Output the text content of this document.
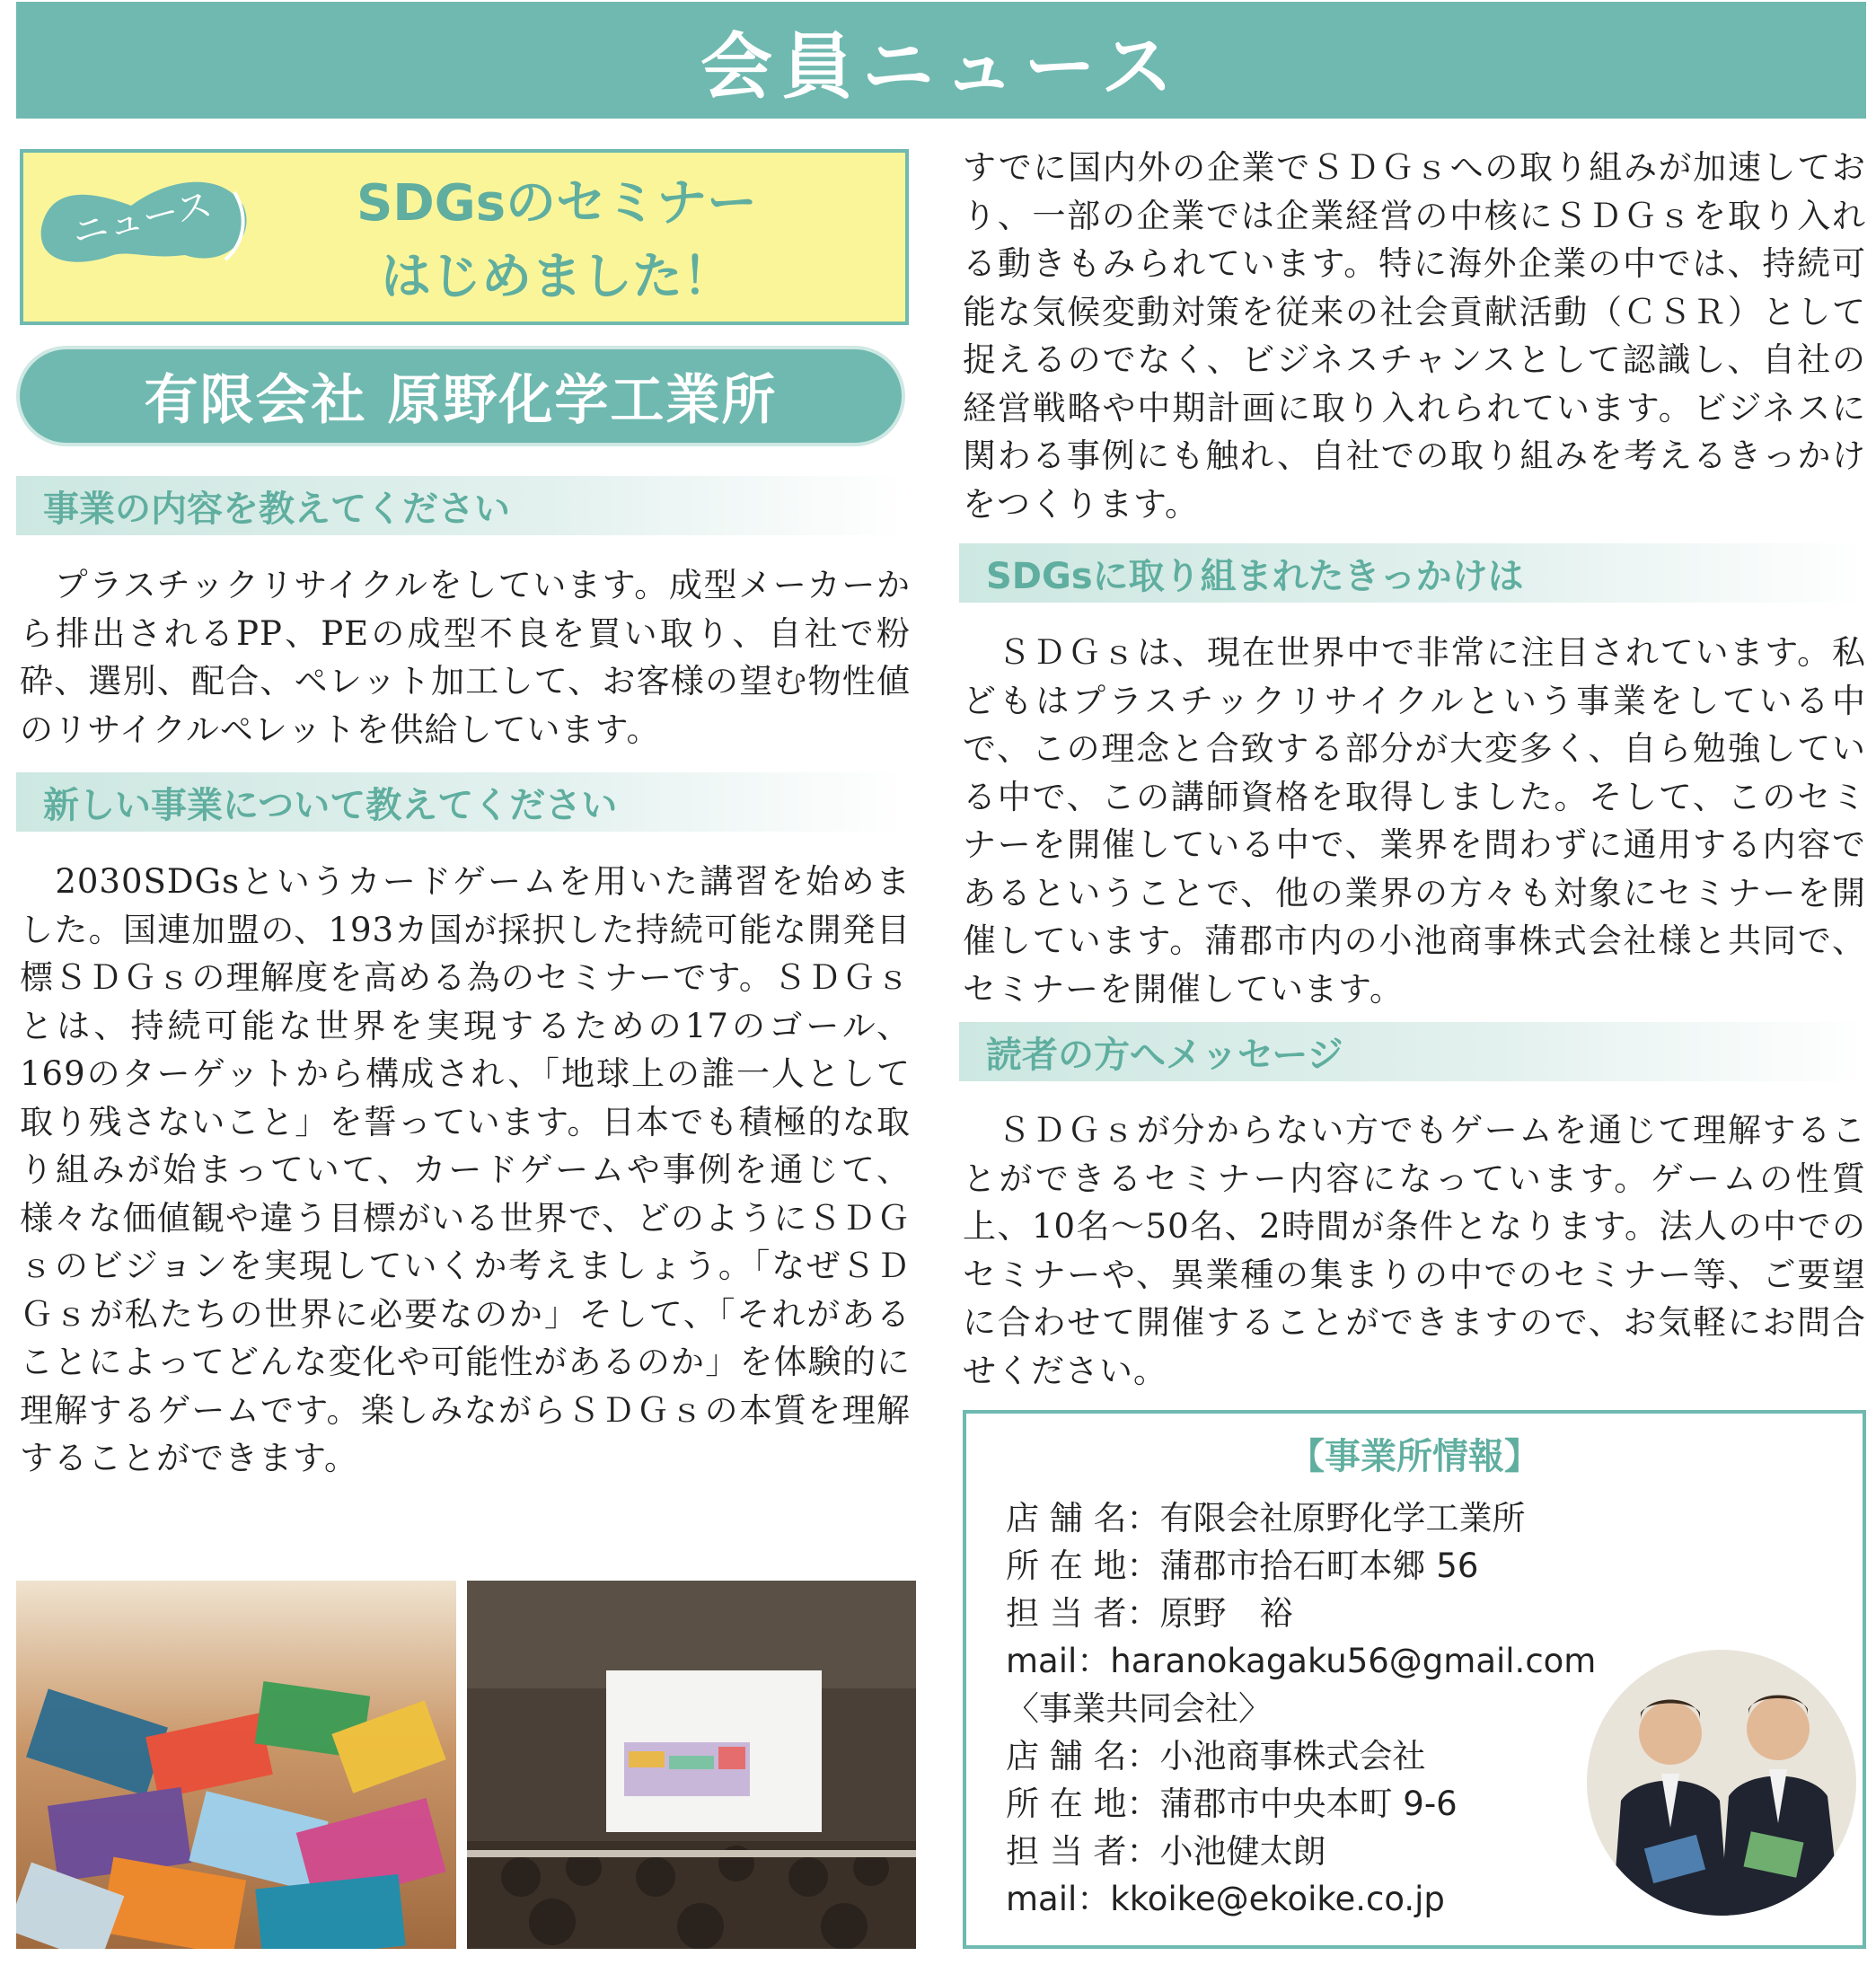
会員ニュース
ニュース	SDGsのセミナー
はじめました！
有限会社 原野化学工業所
事業の内容を教えてください

　プラスチックリサイクルをしています。成型メーカーから排出されるPP、PEの成型不良を買い取り、自社で粉砕、選別、配合、ペレット加工して、お客様の望む物性値のリサイクルペレットを供給しています。

新しい事業について教えてください

　2030SDGsというカードゲームを用いた講習を始めました。国連加盟の、193カ国が採択した持続可能な開発目標ＳＤＧｓの理解度を高める為のセミナーです。ＳＤＧｓとは、持続可能な世界を実現するための17のゴール、169のターゲットから構成され、「地球上の誰一人として取り残さないこと」を誓っています。日本でも積極的な取り組みが始まっていて、カードゲームや事例を通じて、様々な価値観や違う目標がいる世界で、どのようにＳＤＧｓのビジョンを実現していくか考えましょう。「なぜＳＤＧｓが私たちの世界に必要なのか」そして、「それがあることによってどんな変化や可能性があるのか」を体験的に理解するゲームです。楽しみながらＳＤＧｓの本質を理解することができます。

すでに国内外の企業でＳＤＧｓへの取り組みが加速しており、一部の企業では企業経営の中核にＳＤＧｓを取り入れる動きもみられています。特に海外企業の中では、持続可能な気候変動対策を従来の社会貢献活動（ＣＳＲ）として捉えるのでなく、ビジネスチャンスとして認識し、自社の経営戦略や中期計画に取り入れられています。ビジネスに関わる事例にも触れ、自社での取り組みを考えるきっかけをつくります。

SDGsに取り組まれたきっかけは

　ＳＤＧｓは、現在世界中で非常に注目されています。私どもはプラスチックリサイクルという事業をしている中で、この理念と合致する部分が大変多く、自ら勉強している中で、この講師資格を取得しました。そして、このセミナーを開催している中で、業界を問わずに通用する内容であるということで、他の業界の方々も対象にセミナーを開催しています。蒲郡市内の小池商事株式会社様と共同で、セミナーを開催しています。

読者の方へメッセージ

　ＳＤＧｓが分からない方でもゲームを通じて理解することができるセミナー内容になっています。ゲームの性質上、10名～50名、2時間が条件となります。法人の中でのセミナーや、異業種の集まりの中でのセミナー等、ご要望に合わせて開催することができますので、お気軽にお問合せください。

【事業所情報】
店 舗 名：有限会社原野化学工業所
所 在 地：蒲郡市拾石町本郷 56
担 当 者：原野　裕
mail：haranokagaku56@gmail.com
〈事業共同会社〉
店 舗 名：小池商事株式会社
所 在 地：蒲郡市中央本町 9-6
担 当 者：小池健太朗
mail：kkoike@ekoike.co.jp
